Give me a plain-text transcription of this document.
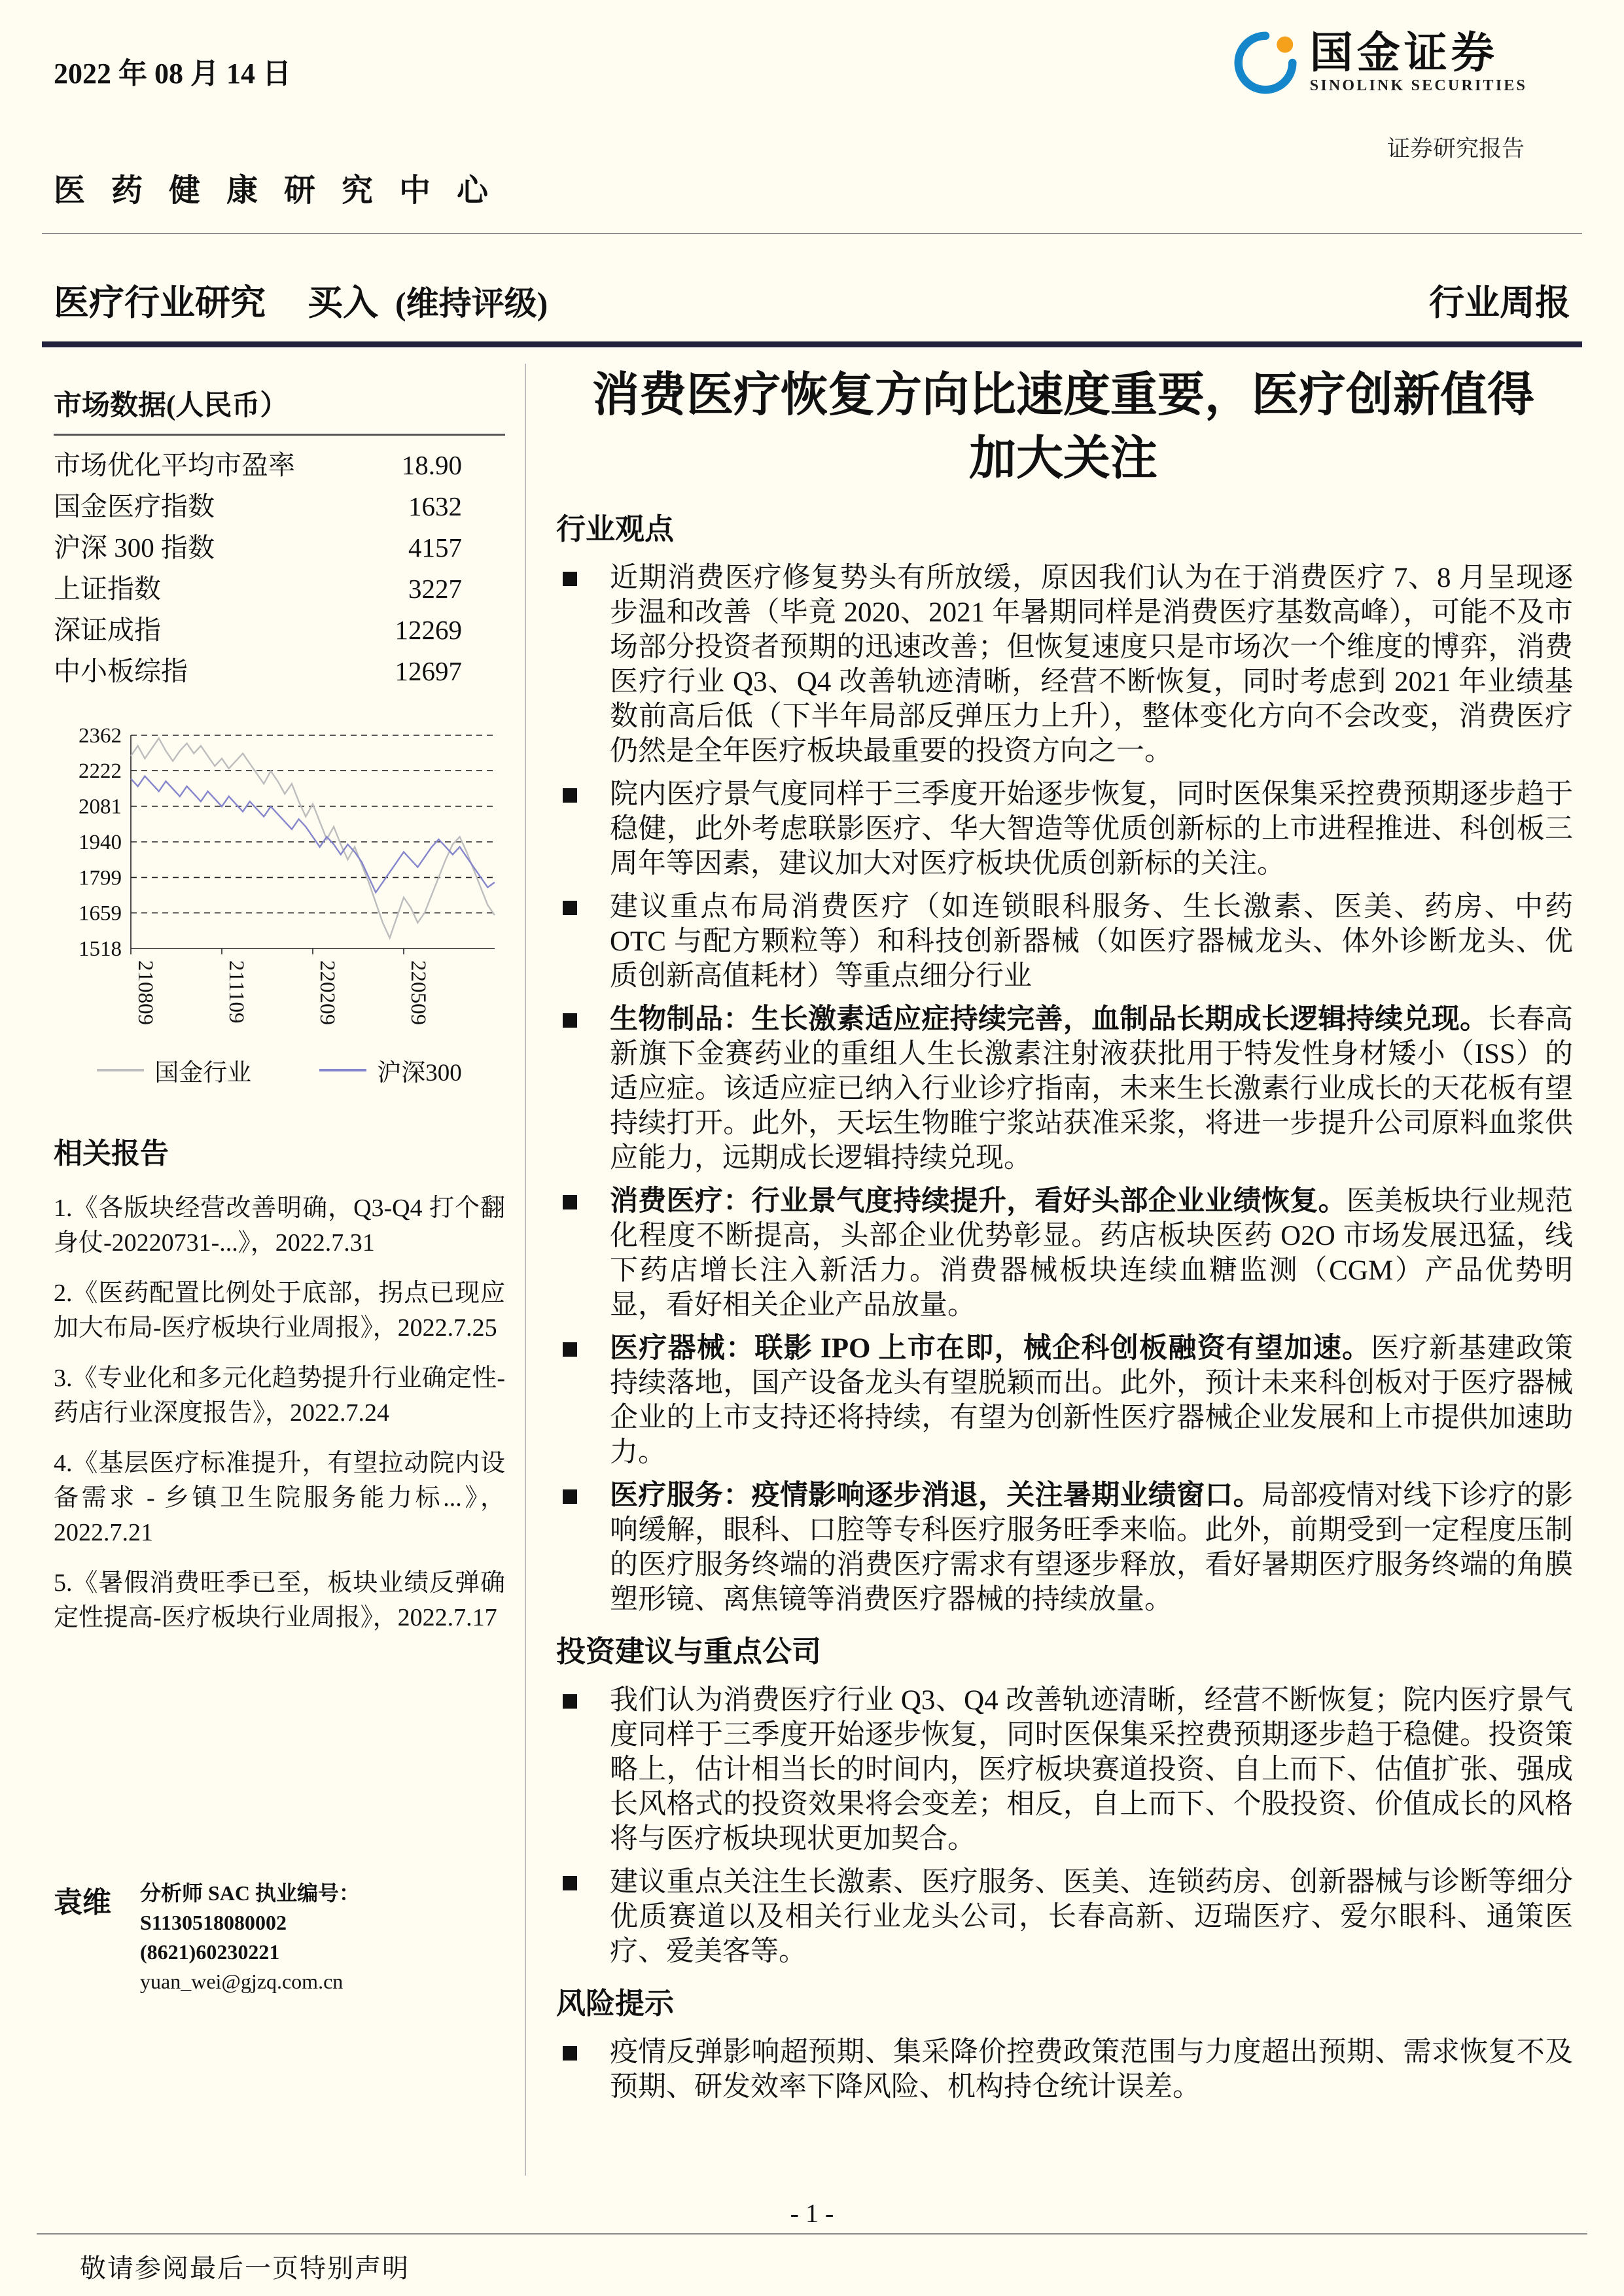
2022 年 08 月 14 日	国金证券
SINOLINK SECURITIES
证券研究报告
医 药 健 康 研 究 中 心
医疗行业研究 买入 (维持评级)	行业周报
市场数据(人民币）
市场优化平均市盈率	18.90
国金医疗指数	1632
沪深 300 指数	4157
上证指数	3227
深证成指	12269
中小板综指	12697
2362
2222
2081
1940
1799
1659
1518
210809	211109	220209	220509
国金行业	沪深300
相关报告
1.《各版块经营改善明确，Q3-Q4 打个翻身仗-20220731-...》，2022.7.31
2.《医药配置比例处于底部，拐点已现应加大布局-医疗板块行业周报》，2022.7.25
3.《专业化和多元化趋势提升行业确定性-药店行业深度报告》，2022.7.24
4.《基层医疗标准提升，有望拉动院内设备需求 - 乡镇卫生院服务能力标...》，2022.7.21
5.《暑假消费旺季已至，板块业绩反弹确定性提高-医疗板块行业周报》，2022.7.17
袁维 分析师 SAC 执业编号：S1130518080002
(8621)60230221
yuan_wei@gjzq.com.cn
消费医疗恢复方向比速度重要，医疗创新值得
加大关注
行业观点
近期消费医疗修复势头有所放缓，原因我们认为在于消费医疗 7、8 月呈现逐步温和改善（毕竟 2020、2021 年暑期同样是消费医疗基数高峰），可能不及市场部分投资者预期的迅速改善；但恢复速度只是市场次一个维度的博弈，消费医疗行业 Q3、Q4 改善轨迹清晰，经营不断恢复，同时考虑到 2021 年业绩基数前高后低（下半年局部反弹压力上升），整体变化方向不会改变，消费医疗仍然是全年医疗板块最重要的投资方向之一。
院内医疗景气度同样于三季度开始逐步恢复，同时医保集采控费预期逐步趋于稳健，此外考虑联影医疗、华大智造等优质创新标的上市进程推进、科创板三周年等因素，建议加大对医疗板块优质创新标的关注。
建议重点布局消费医疗（如连锁眼科服务、生长激素、医美、药房、中药 OTC 与配方颗粒等）和科技创新器械（如医疗器械龙头、体外诊断龙头、优质创新高值耗材）等重点细分行业
生物制品：生长激素适应症持续完善，血制品长期成长逻辑持续兑现。长春高新旗下金赛药业的重组人生长激素注射液获批用于特发性身材矮小（ISS）的适应症。该适应症已纳入行业诊疗指南，未来生长激素行业成长的天花板有望持续打开。此外，天坛生物睢宁浆站获准采浆，将进一步提升公司原料血浆供应能力，远期成长逻辑持续兑现。
消费医疗：行业景气度持续提升，看好头部企业业绩恢复。医美板块行业规范化程度不断提高，头部企业优势彰显。药店板块医药 O2O 市场发展迅猛，线下药店增长注入新活力。消费器械板块连续血糖监测（CGM）产品优势明显，看好相关企业产品放量。
医疗器械：联影 IPO 上市在即，械企科创板融资有望加速。医疗新基建政策持续落地，国产设备龙头有望脱颖而出。此外，预计未来科创板对于医疗器械企业的上市支持还将持续，有望为创新性医疗器械企业发展和上市提供加速助力。
医疗服务：疫情影响逐步消退，关注暑期业绩窗口。局部疫情对线下诊疗的影响缓解，眼科、口腔等专科医疗服务旺季来临。此外，前期受到一定程度压制的医疗服务终端的消费医疗需求有望逐步释放，看好暑期医疗服务终端的角膜塑形镜、离焦镜等消费医疗器械的持续放量。
投资建议与重点公司
我们认为消费医疗行业 Q3、Q4 改善轨迹清晰，经营不断恢复；院内医疗景气度同样于三季度开始逐步恢复，同时医保集采控费预期逐步趋于稳健。投资策略上，估计相当长的时间内，医疗板块赛道投资、自上而下、估值扩张、强成长风格式的投资效果将会变差；相反，自上而下、个股投资、价值成长的风格将与医疗板块现状更加契合。
建议重点关注生长激素、医疗服务、医美、连锁药房、创新器械与诊断等细分优质赛道以及相关行业龙头公司，长春高新、迈瑞医疗、爱尔眼科、通策医疗、爱美客等。
风险提示
疫情反弹影响超预期、集采降价控费政策范围与力度超出预期、需求恢复不及预期、研发效率下降风险、机构持仓统计误差。
- 1 -
敬请参阅最后一页特别声明
